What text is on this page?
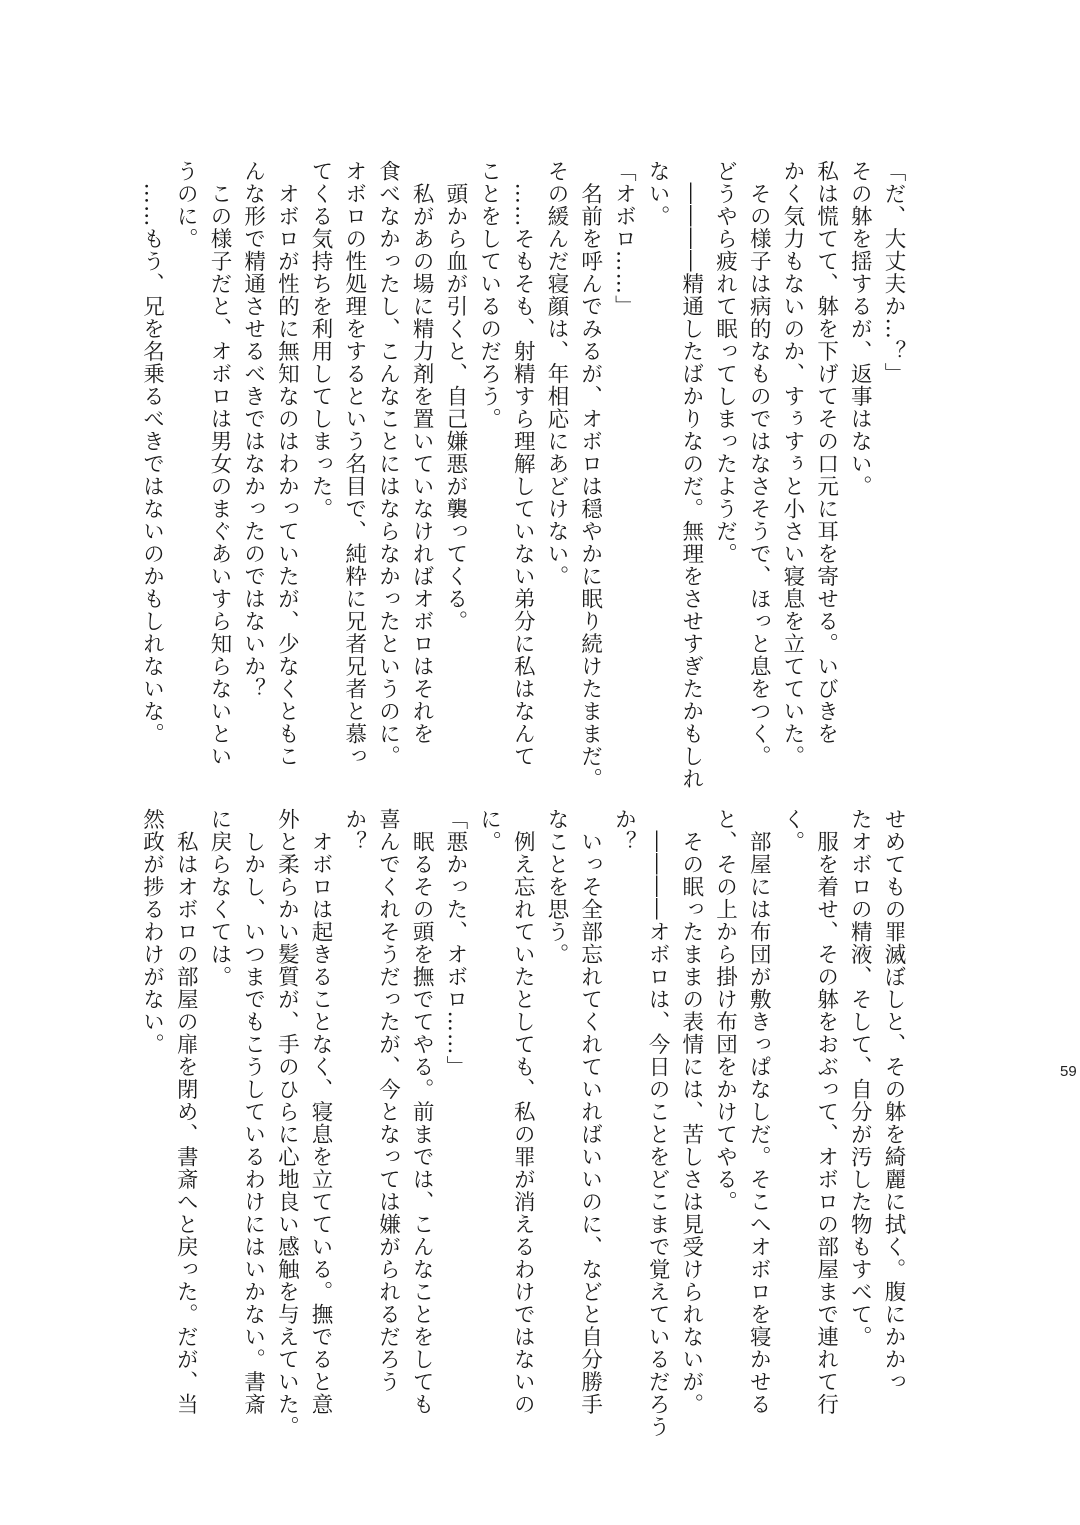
「だ、大丈夫か…？」
その躰を揺するが、返事はない。
私は慌てて、躰を下げてその口元に耳を寄せる。いびきを
かく気力もないのか、すぅすぅと小さい寝息を立てていた。
　その様子は病的なものではなさそうで、ほっと息をつく。
どうやら疲れて眠ってしまったようだ。
　――――精通したばかりなのだ。無理をさせすぎたかもしれ
ない。
「オボロ……」
　名前を呼んでみるが、オボロは穏やかに眠り続けたままだ。
その緩んだ寝顔は、年相応にあどけない。
　……そもそも、射精すら理解していない弟分に私はなんて
ことをしているのだろう。
　頭から血が引くと、自己嫌悪が襲ってくる。
　私があの場に精力剤を置いていなければオボロはそれを
食べなかったし、こんなことにはならなかったというのに。
オボロの性処理をするという名目で、純粋に兄者兄者と慕っ
てくる気持ちを利用してしまった。
　オボロが性的に無知なのはわかっていたが、少なくともこ
んな形で精通させるべきではなかったのではないか？
　この様子だと、オボロは男女のまぐあいすら知らないとい
うのに。
　……もう、兄を名乗るべきではないのかもしれないな。
せめてもの罪滅ぼしと、その躰を綺麗に拭く。腹にかかっ
たオボロの精液、そして、自分が汚した物もすべて。
　服を着せ、その躰をおぶって、オボロの部屋まで連れて行
く。
　部屋には布団が敷きっぱなしだ。そこへオボロを寝かせる
と、その上から掛け布団をかけてやる。
　その眠ったままの表情には、苦しさは見受けられないが。
　――――オボロは、今日のことをどこまで覚えているだろう
か？
　いっそ全部忘れてくれていればいいのに、などと自分勝手
なことを思う。
　例え忘れていたとしても、私の罪が消えるわけではないの
に。
「悪かった、オボロ……」
　眠るその頭を撫でてやる。前までは、こんなことをしても
喜んでくれそうだったが、今となっては嫌がられるだろう
か？
　オボロは起きることなく、寝息を立てている。撫でると意
外と柔らかい髪質が、手のひらに心地良い感触を与えていた。
　しかし、いつまでもこうしているわけにはいかない。書斎
に戻らなくては。
　私はオボロの部屋の扉を閉め、書斎へと戻った。だが、当
然政が捗るわけがない。
59
